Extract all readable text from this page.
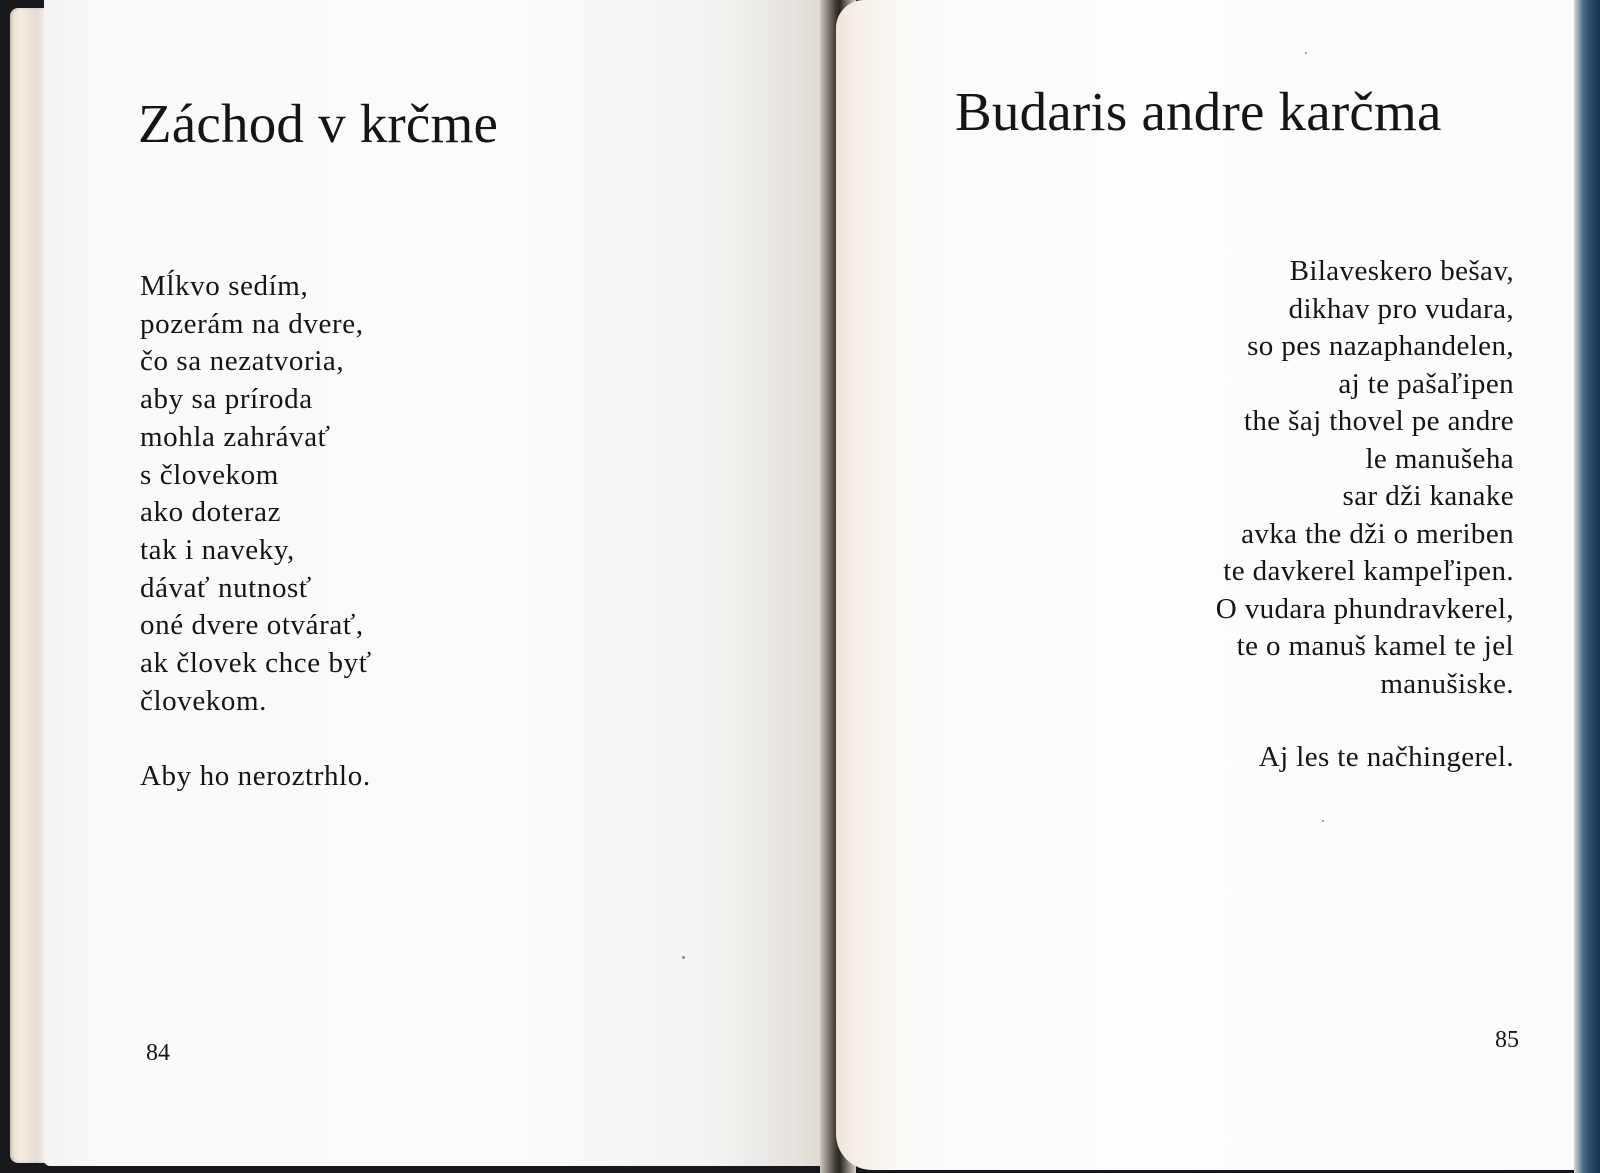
Záchod v krčme
Mĺkvo sedím,
pozerám na dvere,
čo sa nezatvoria,
aby sa príroda
mohla zahrávať
s človekom
ako doteraz
tak i naveky,
dávať nutnosť
oné dvere otvárať,
ak človek chce byť
človekom.
Aby ho neroztrhlo.
84
Budaris andre karčma
Bilaveskero bešav,
dikhav pro vudara,
so pes nazaphandelen,
aj te pašaľipen
the šaj thovel pe andre
le manušeha
sar dži kanake
avka the dži o meriben
te davkerel kampeľipen.
O vudara phundravkerel,
te o manuš kamel te jel
manušiske.
Aj les te načhingerel.
85
